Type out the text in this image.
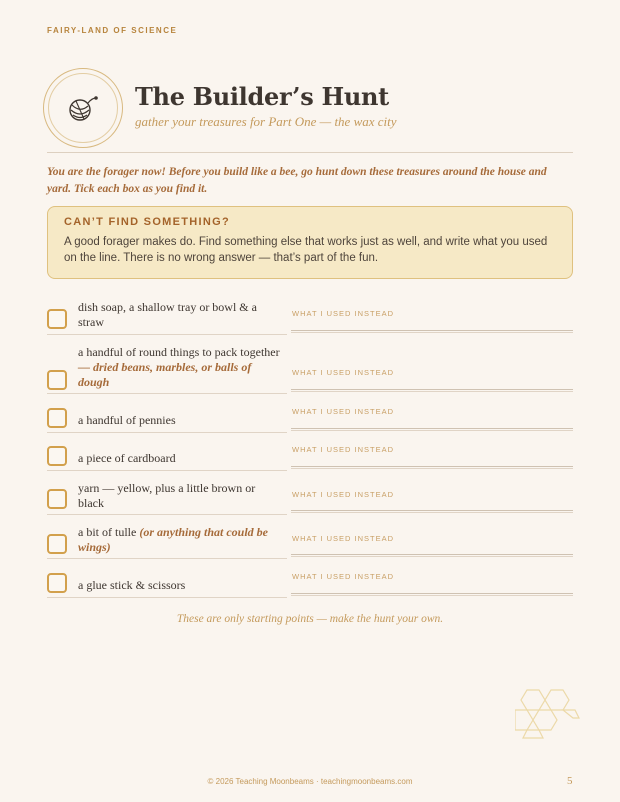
FAIRY-LAND OF SCIENCE
The Builder’s Hunt
gather your treasures for Part One — the wax city
You are the forager now! Before you build like a bee, go hunt down these treasures around the house and yard. Tick each box as you find it.
CAN’T FIND SOMETHING?
A good forager makes do. Find something else that works just as well, and write what you used on the line. There is no wrong answer — that’s part of the fun.
dish soap, a shallow tray or bowl & a straw
WHAT I USED INSTEAD
a handful of round things to pack together — dried beans, marbles, or balls of dough
WHAT I USED INSTEAD
a handful of pennies
WHAT I USED INSTEAD
a piece of cardboard
WHAT I USED INSTEAD
yarn — yellow, plus a little brown or black
WHAT I USED INSTEAD
a bit of tulle (or anything that could be wings)
WHAT I USED INSTEAD
a glue stick & scissors
WHAT I USED INSTEAD
These are only starting points — make the hunt your own.
© 2026 Teaching Moonbeams · teachingmoonbeams.com	5
